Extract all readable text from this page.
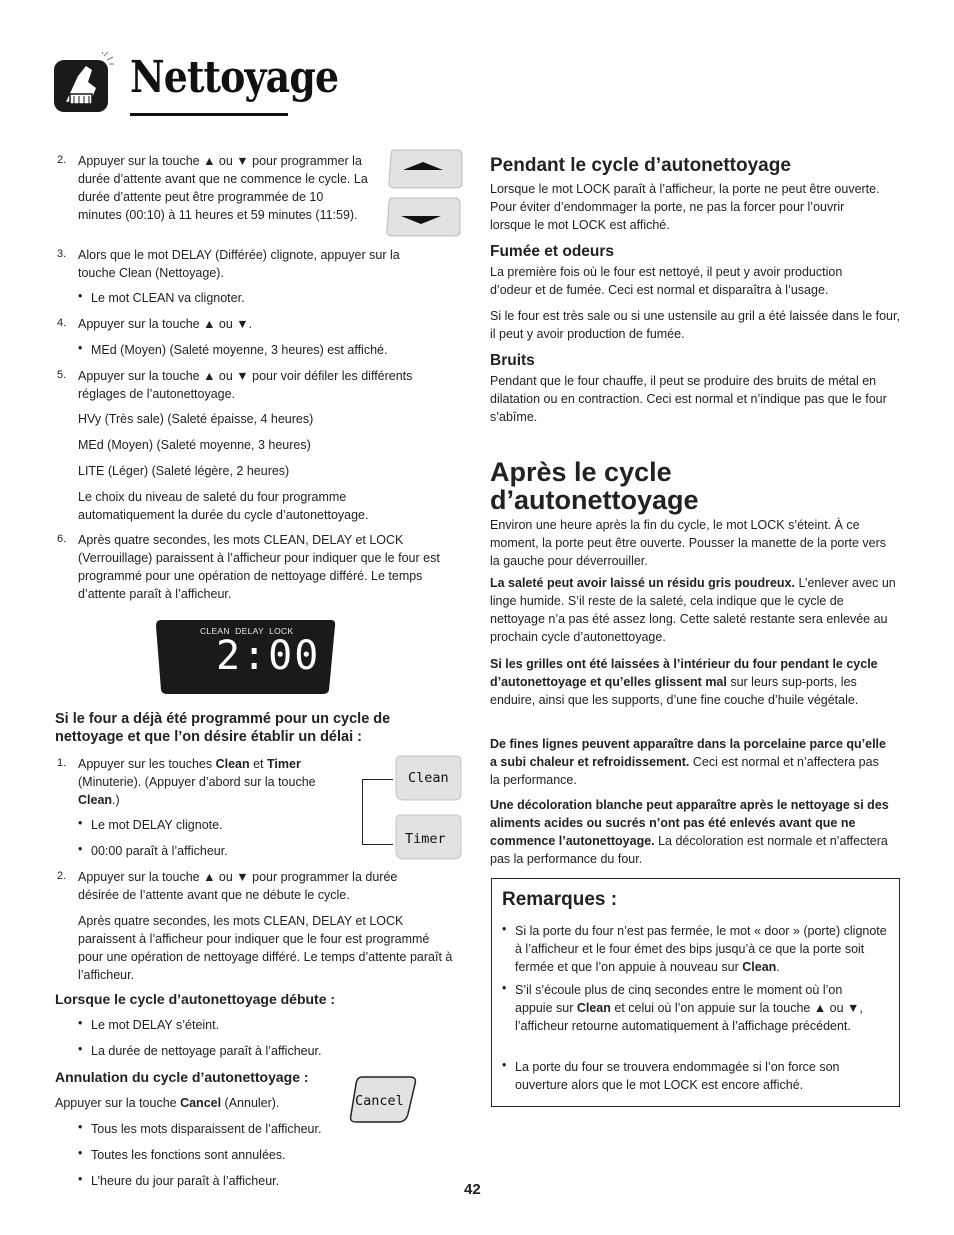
Nettoyage
2. Appuyer sur la touche ▲ ou ▼ pour programmer la durée d’attente avant que ne commence le cycle. La durée d’attente peut être programmée de 10 minutes (00:10) à 11 heures et 59 minutes (11:59).
3. Alors que le mot DELAY (Différée) clignote, appuyer sur la touche Clean (Nettoyage).
• Le mot CLEAN va clignoter.
4. Appuyer sur la touche ▲ ou ▼.
• MEd (Moyen) (Saleté moyenne, 3 heures) est affiché.
5. Appuyer sur la touche ▲ ou ▼ pour voir défiler les différents réglages de l’autonettoyage.
HVy (Très sale) (Saleté épaisse, 4 heures)
MEd (Moyen) (Saleté moyenne, 3 heures)
LITE (Léger) (Saleté légère, 2 heures)
Le choix du niveau de saleté du four programme automatiquement la durée du cycle d’autonettoyage.
6. Après quatre secondes, les mots CLEAN, DELAY et LOCK (Verrouillage) paraissent à l’afficheur pour indiquer que le four est programmé pour une opération de nettoyage différé. Le temps d’attente paraît à l’afficheur.
CLEAN  DELAY  LOCK
2:00
Si le four a déjà été programmé pour un cycle de nettoyage et que l’on désire établir un délai :
1. Appuyer sur les touches Clean et Timer (Minuterie). (Appuyer d’abord sur la touche Clean.)
• Le mot DELAY clignote.
• 00:00 paraît à l’afficheur.
Clean
Timer
2. Appuyer sur la touche ▲ ou ▼ pour programmer la durée désirée de l’attente avant que ne débute le cycle.
Après quatre secondes, les mots CLEAN, DELAY et LOCK paraissent à l’afficheur pour indiquer que le four est programmé pour une opération de nettoyage différé. Le temps d’attente paraît à l’afficheur.
Lorsque le cycle d’autonettoyage débute :
• Le mot DELAY s’éteint.
• La durée de nettoyage paraît à l’afficheur.
Annulation du cycle d’autonettoyage :
Appuyer sur la touche Cancel (Annuler).
• Tous les mots disparaissent de l’afficheur.
• Toutes les fonctions sont annulées.
• L’heure du jour paraît à l’afficheur.
Cancel
Pendant le cycle d’autonettoyage
Lorsque le mot LOCK paraît à l’afficheur, la porte ne peut être ouverte. Pour éviter d’endommager la porte, ne pas la forcer pour l’ouvrir lorsque le mot LOCK est affiché.
Fumée et odeurs
La première fois où le four est nettoyé, il peut y avoir production d’odeur et de fumée. Ceci est normal et disparaîtra à l’usage.
Si le four est très sale ou si une ustensile au gril a été laissée dans le four, il peut y avoir production de fumée.
Bruits
Pendant que le four chauffe, il peut se produire des bruits de métal en dilatation ou en contraction. Ceci est normal et n’indique pas que le four s’abîme.
Après le cycle
d’autonettoyage
Environ une heure après la fin du cycle, le mot LOCK s’éteint. À ce moment, la porte peut être ouverte. Pousser la manette de la porte vers la gauche pour déverrouiller.
La saleté peut avoir laissé un résidu gris poudreux. L’enlever avec un linge humide. S’il reste de la saleté, cela indique que le cycle de nettoyage n’a pas été assez long. Cette saleté restante sera enlevée au prochain cycle d’autonettoyage.
Si les grilles ont été laissées à l’intérieur du four pendant le cycle d’autonettoyage et qu’elles glissent mal sur leurs sup-ports, les enduire, ainsi que les supports, d’une fine couche d’huile végétale.
De fines lignes peuvent apparaître dans la porcelaine parce qu’elle a subi chaleur et refroidissement. Ceci est normal et n’affectera pas la performance.
Une décoloration blanche peut apparaître après le nettoyage si des aliments acides ou sucrés n’ont pas été enlevés avant que ne commence l’autonettoyage. La décoloration est normale et n’affectera pas la performance du four.
Remarques :
• Si la porte du four n’est pas fermée, le mot « door » (porte) clignote à l’afficheur et le four émet des bips jusqu’à ce que la porte soit fermée et que l’on appuie à nouveau sur Clean.
• S’il s’écoule plus de cinq secondes entre le moment où l’on appuie sur Clean et celui où l’on appuie sur la touche ▲ ou ▼, l’afficheur retourne automatiquement à l’affichage précédent.
• La porte du four se trouvera endommagée si l’on force son ouverture alors que le mot LOCK est encore affiché.
42
